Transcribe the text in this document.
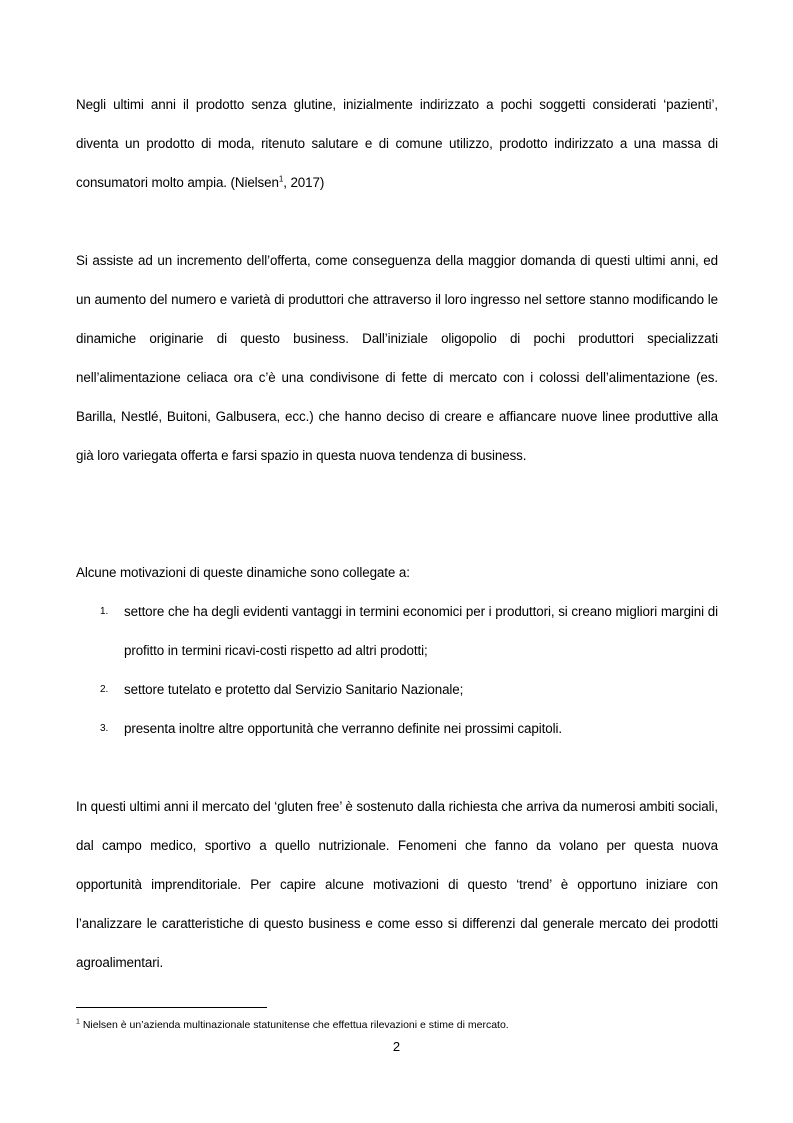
Negli ultimi anni il prodotto senza glutine, inizialmente indirizzato a pochi soggetti considerati ‘pazienti’, diventa un prodotto di moda, ritenuto salutare e di comune utilizzo, prodotto indirizzato a una massa di consumatori molto ampia. (Nielsen$^1$, 2017)

Si assiste ad un incremento dell’offerta, come conseguenza della maggior domanda di questi ultimi anni, ed un aumento del numero e varietà di produttori che attraverso il loro ingresso nel settore stanno modificando le dinamiche originarie di questo business. Dall’iniziale oligopolio di pochi produttori specializzati nell’alimentazione celiaca ora c’è una condivisone di fette di mercato con i colossi dell’alimentazione (es. Barilla, Nestlé, Buitoni, Galbusera, ecc.) che hanno deciso di creare e affiancare nuove linee produttive alla già loro variegata offerta e farsi spazio in questa nuova tendenza di business.

Alcune motivazioni di queste dinamiche sono collegate a:

1. settore che ha degli evidenti vantaggi in termini economici per i produttori, si creano migliori margini di profitto in termini ricavi-costi rispetto ad altri prodotti;
2. settore tutelato e protetto dal Servizio Sanitario Nazionale;
3. presenta inoltre altre opportunità che verranno definite nei prossimi capitoli.

In questi ultimi anni il mercato del ‘gluten free’ è sostenuto dalla richiesta che arriva da numerosi ambiti sociali, dal campo medico, sportivo a quello nutrizionale. Fenomeni che fanno da volano per questa nuova opportunità imprenditoriale. Per capire alcune motivazioni di questo ‘trend’ è opportuno iniziare con l’analizzare le caratteristiche di questo business e come esso si differenzi dal generale mercato dei prodotti agroalimentari.

$^1$ Nielsen è un’azienda multinazionale statunitense che effettua rilevazioni e stime di mercato.

2
